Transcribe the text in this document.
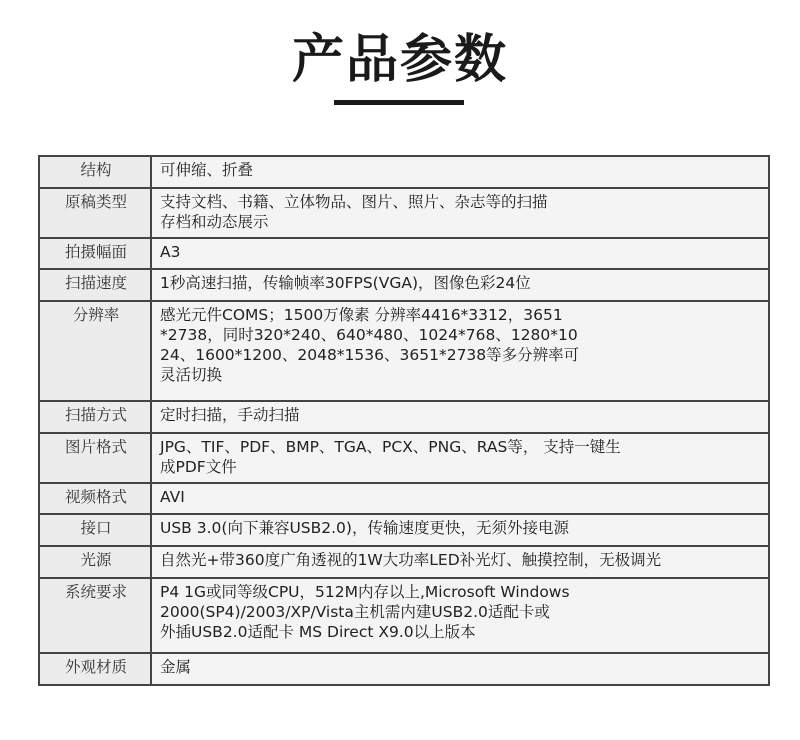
产品参数
结构	可伸缩、折叠

原稿类型	支持文档、书籍、立体物品、图片、照片、杂志等的扫描
存档和动态展示

拍摄幅面	A3

扫描速度	1秒高速扫描，传输帧率30FPS(VGA)，图像色彩24位

分辨率	感光元件COMS；1500万像素 分辨率4416*3312，3651
*2738，同时320*240、640*480、1024*768、1280*10
24、1600*1200、2048*1536、3651*2738等多分辨率可
灵活切换

扫描方式	定时扫描，手动扫描

图片格式	JPG、TIF、PDF、BMP、TGA、PCX、PNG、RAS等， 支持一键生
成PDF文件

视频格式	AVI

接口	USB 3.0(向下兼容USB2.0)，传输速度更快，无须外接电源

光源	自然光+带360度广角透视的1W大功率LED补光灯、触摸控制，无极调光

系统要求	P4 1G或同等级CPU，512M内存以上,Microsoft Windows
2000(SP4)/2003/XP/Vista主机需内建USB2.0适配卡或
外插USB2.0适配卡 MS Direct X9.0以上版本

外观材质	金属
